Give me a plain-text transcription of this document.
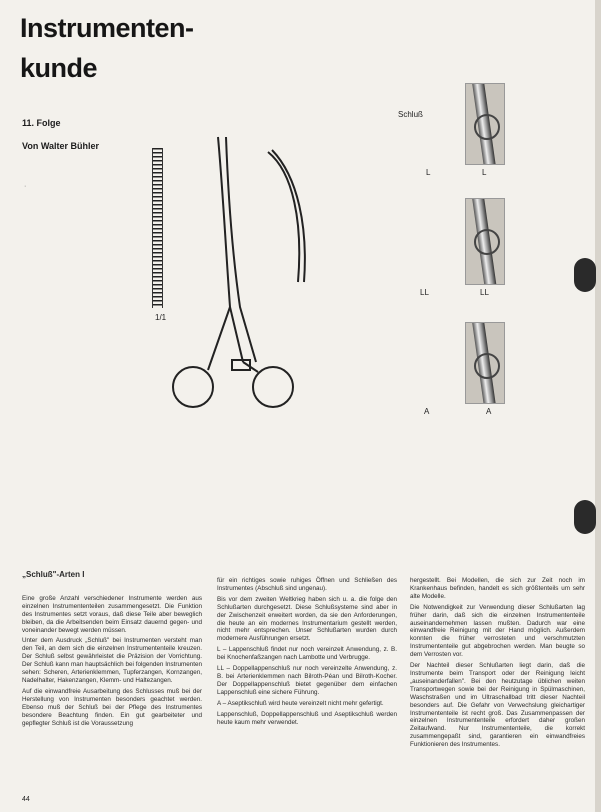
Instrumenten-
kunde
11. Folge
Von Walter Bühler
·
1/1
Schluß
L	L
LL	LL
A	A
„Schluß"-Arten I

Eine große Anzahl verschiedener Instrumente werden aus einzelnen Instrumententeilen zusammengesetzt. Die Funktion des Instrumentes setzt voraus, daß diese Teile aber beweglich bleiben, da die Arbeitsenden beim Einsatz dauernd gegen- und voneinander bewegt werden müssen.

Unter dem Ausdruck „Schluß" bei Instrumenten versteht man den Teil, an dem sich die einzelnen Instrumententeile kreuzen. Der Schluß selbst gewährleistet die Präzision der Vorrichtung. Der Schluß kann man hauptsächlich bei folgenden Instrumenten sehen: Scheren, Arterienklemmen, Tupferzangen, Kornzangen, Nadelhalter, Hakenzangen, Klemm- und Haltezangen.

Auf die einwandfreie Ausarbeitung des Schlusses muß bei der Herstellung von Instrumenten besonders geachtet werden. Ebenso muß der Schluß bei der Pflege des Instrumentes besondere Beachtung finden. Ein gut gearbeiteter und gepflegter Schluß ist die Voraussetzung

für ein richtiges sowie ruhiges Öffnen und Schließen des Instrumentes (Abschluß sind ungenau).

Bis vor dem zweiten Weltkrieg haben sich u. a. die folge den Schlußarten durchgesetzt. Diese Schlußsysteme sind aber in der Zwischenzeit erweitert worden, da sie den Anforderungen, die heute an ein modernes Instrumentarium gestellt werden, nicht mehr entsprechen. Unser Schlußarten wurden durch modernere Ausführungen ersetzt.

L – Lappenschluß findet nur noch vereinzelt Anwendung, z. B. bei Knochenfaßzangen nach Lambotte und Verbrugge.

LL – Doppellappenschluß nur noch vereinzelte Anwendung, z. B. bei Arterienklemmen nach Bilroth-Péan und Bilroth-Kocher. Der Doppellappenschluß bietet gegenüber dem einfachen Lappenschluß eine sichere Führung.

A – Aseptikschluß wird heute vereinzelt nicht mehr gefertigt.

Lappenschluß, Doppellappenschluß und Aseptikschluß werden heute kaum mehr verwendet.

hergestellt. Bei Modellen, die sich zur Zeit noch im Krankenhaus befinden, handelt es sich größtenteils um sehr alte Modelle.

Die Notwendigkeit zur Verwendung dieser Schlußarten lag früher darin, daß sich die einzelnen Instrumententeile auseinandernehmen lassen mußten. Dadurch war eine einwandfreie Reinigung mit der Hand möglich. Außerdem konnten die früher verrosteten und verschmutzten Instrumententeile gut abgebrochen werden. Man beugte so dem Verrosten vor.

Der Nachteil dieser Schlußarten liegt darin, daß die Instrumente beim Transport oder der Reinigung leicht „auseinanderfallen". Bei den heutzutage üblichen weiten Transportwegen sowie bei der Reinigung in Spülmaschinen, Waschstraßen und im Ultraschallbad tritt dieser Nachteil besonders auf. Die Gefahr von Verwechslung gleichartiger Instrumententeile ist recht groß. Das Zusammenpassen der einzelnen Instrumententeile erfordert daher großen Zeitaufwand. Nur Instrumententeile, die korrekt zusammengepaßt sind, garantieren ein einwandfreies Funktionieren des Instrumentes.

44
